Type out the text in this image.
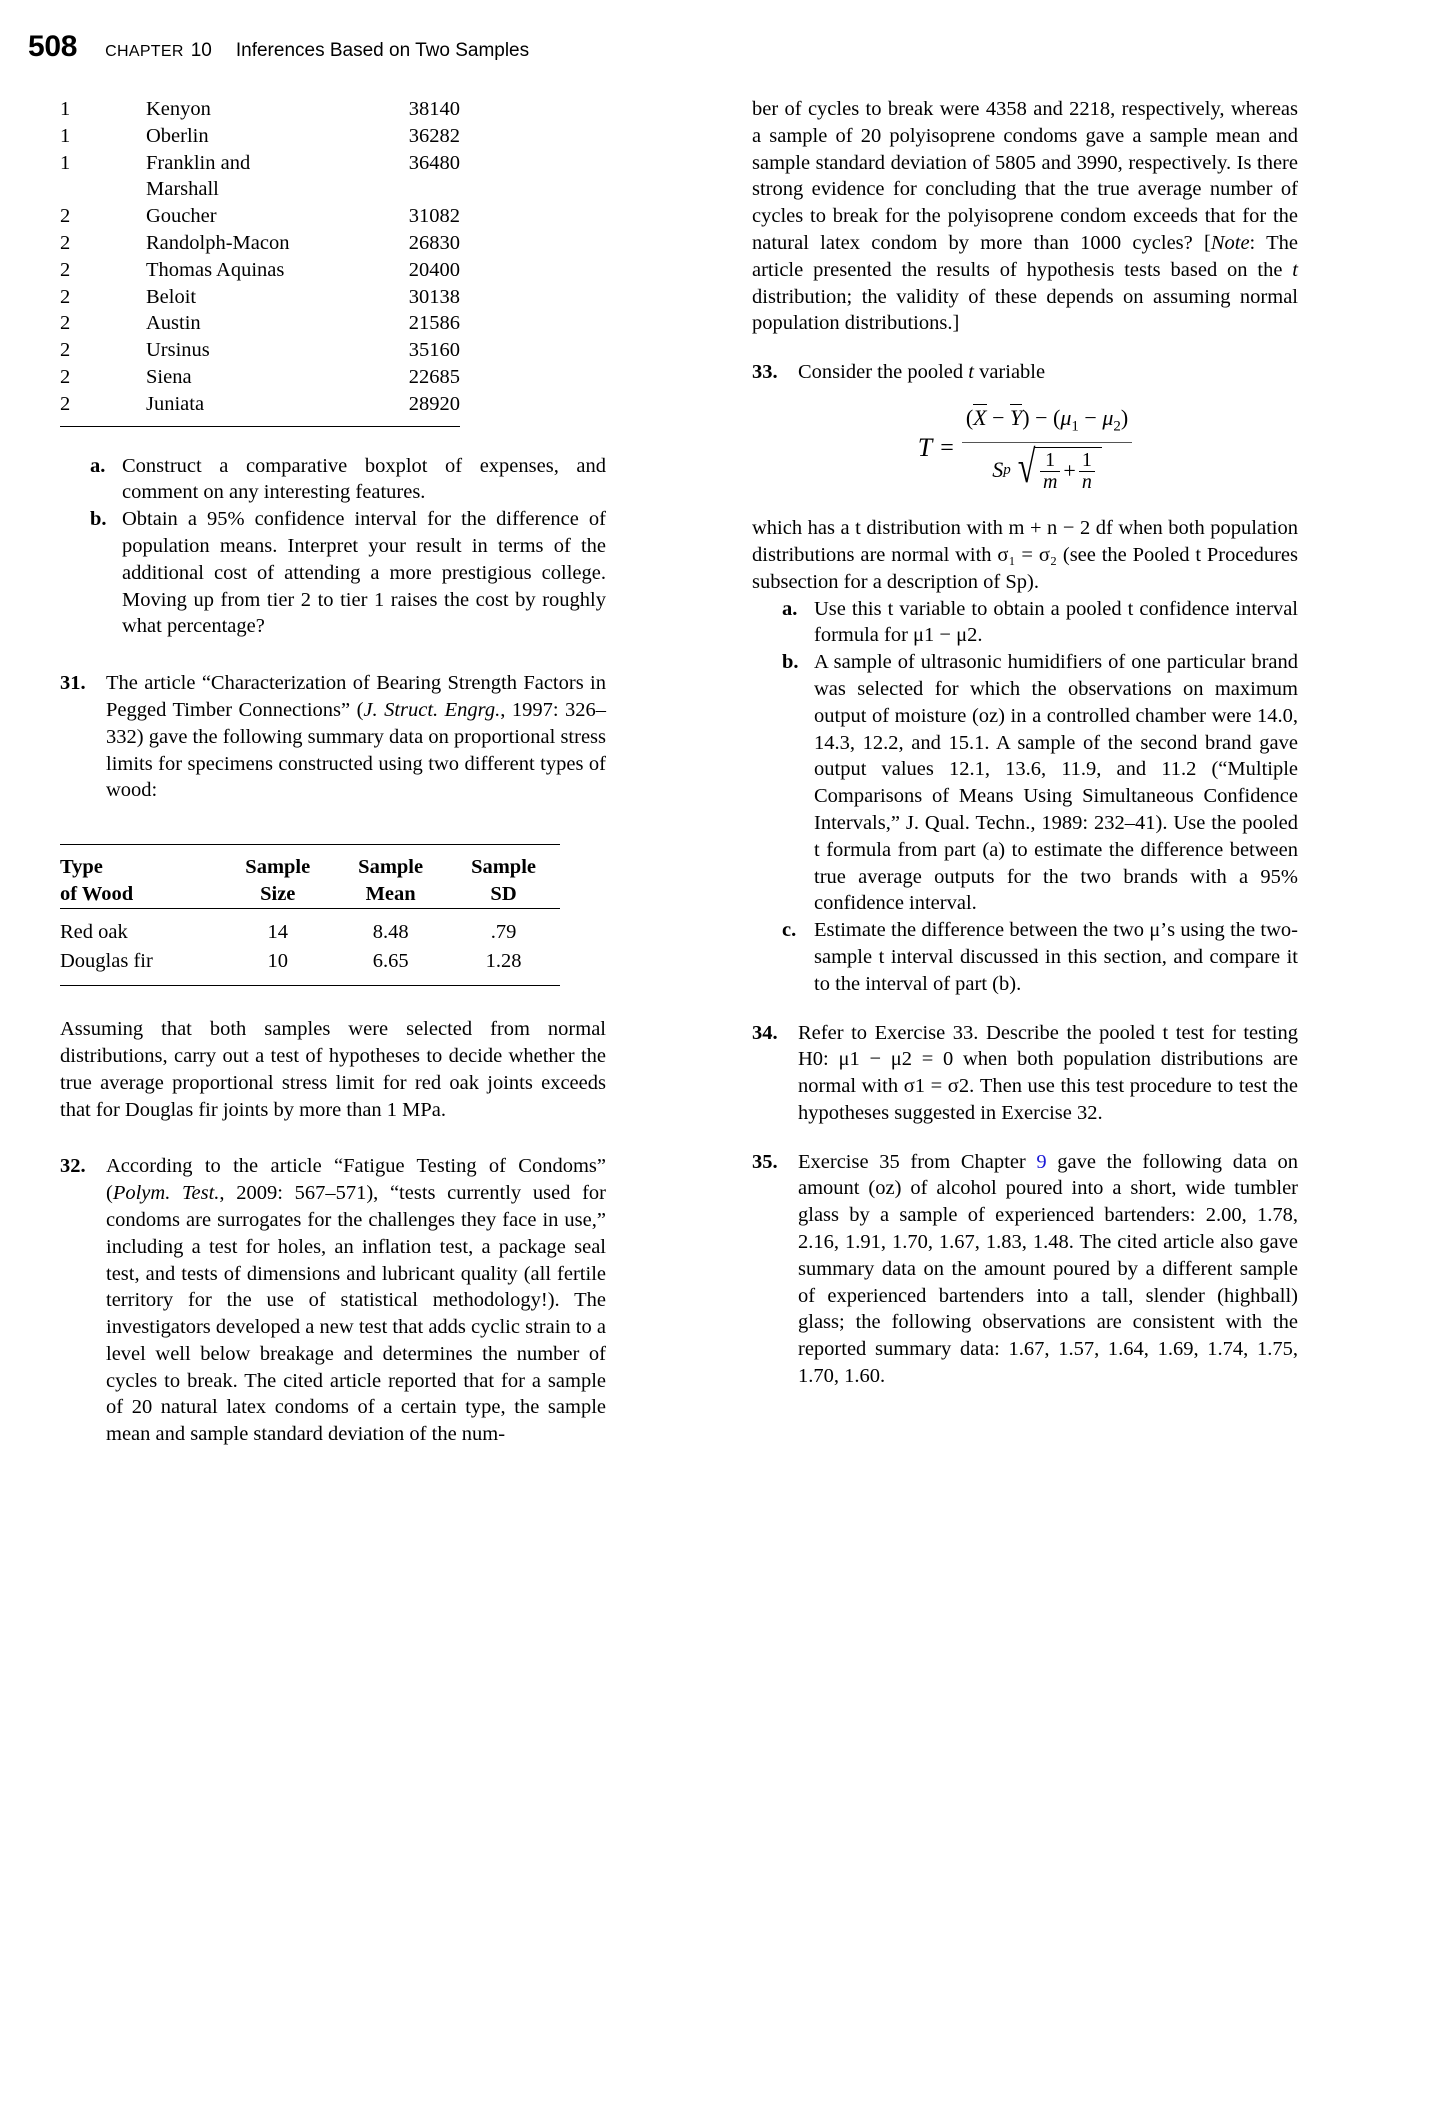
508 CHAPTER 10 Inferences Based on Two Samples
1	Kenyon	38140
1	Oberlin	36282
1	Franklin and	36480
	Marshall	
2	Goucher	31082
2	Randolph-Macon	26830
2	Thomas Aquinas	20400
2	Beloit	30138
2	Austin	21586
2	Ursinus	35160
2	Siena	22685
2	Juniata	28920
a. Construct a comparative boxplot of expenses, and comment on any interesting features.
b. Obtain a 95% confidence interval for the difference of population means. Interpret your result in terms of the additional cost of attending a more prestigious college. Moving up from tier 2 to tier 1 raises the cost by roughly what percentage?
31. The article “Characterization of Bearing Strength Factors in Pegged Timber Connections” (J. Struct. Engrg., 1997: 326–332) gave the following summary data on proportional stress limits for specimens constructed using two different types of wood:
Type	Sample	Sample	Sample
of Wood	Size	Mean	SD
Red oak	14	8.48	.79
Douglas fir	10	6.65	1.28

Assuming that both samples were selected from normal distributions, carry out a test of hypotheses to decide whether the true average proportional stress limit for red oak joints exceeds that for Douglas fir joints by more than 1 MPa.
32. According to the article “Fatigue Testing of Condoms” (Polym. Test., 2009: 567–571), “tests currently used for condoms are surrogates for the challenges they face in use,” including a test for holes, an inflation test, a package seal test, and tests of dimensions and lubricant quality (all fertile territory for the use of statistical methodology!). The investigators developed a new test that adds cyclic strain to a level well below breakage and determines the number of cycles to break. The cited article reported that for a sample of 20 natural latex condoms of a certain type, the sample mean and sample standard deviation of the num-
ber of cycles to break were 4358 and 2218, respectively, whereas a sample of 20 polyisoprene condoms gave a sample mean and sample standard deviation of 5805 and 3990, respectively. Is there strong evidence for concluding that the true average number of cycles to break for the polyisoprene condom exceeds that for the natural latex condom by more than 1000 cycles? [Note: The article presented the results of hypothesis tests based on the t distribution; the validity of these depends on assuming normal population distributions.]
33. Consider the pooled t variable
T =
$(X - Y) - (\mu_1 - \mu_2)$
S p √ 1
m + 1
n
which has a t distribution with m + n − 2 df when both population distributions are normal with σ₁ = σ₂ (see the Pooled t Procedures subsection for a description of Sp).
a. Use this t variable to obtain a pooled t confidence interval formula for μ1 − μ2.
b. A sample of ultrasonic humidifiers of one particular brand was selected for which the observations on maximum output of moisture (oz) in a controlled chamber were 14.0, 14.3, 12.2, and 15.1. A sample of the second brand gave output values 12.1, 13.6, 11.9, and 11.2 (“Multiple Comparisons of Means Using Simultaneous Confidence Intervals,” J. Qual. Techn., 1989: 232–41). Use the pooled t formula from part (a) to estimate the difference between true average outputs for the two brands with a 95% confidence interval.
c. Estimate the difference between the two μ’s using the two-sample t interval discussed in this section, and compare it to the interval of part (b).
34. Refer to Exercise 33. Describe the pooled t test for testing H0: μ1 − μ2 = 0 when both population distributions are normal with σ1 = σ2. Then use this test procedure to test the hypotheses suggested in Exercise 32.
35. Exercise 35 from Chapter 9 gave the following data on amount (oz) of alcohol poured into a short, wide tumbler glass by a sample of experienced bartenders: 2.00, 1.78, 2.16, 1.91, 1.70, 1.67, 1.83, 1.48. The cited article also gave summary data on the amount poured by a different sample of experienced bartenders into a tall, slender (highball) glass; the following observations are consistent with the reported summary data: 1.67, 1.57, 1.64, 1.69, 1.74, 1.75, 1.70, 1.60.
